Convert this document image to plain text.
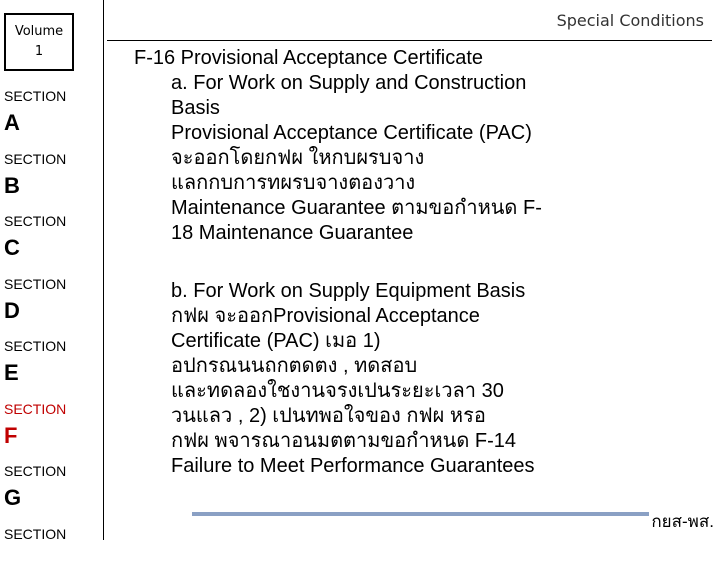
Volume
1
SECTION
A
SECTION
B
SECTION
C
SECTION
D
SECTION
E
SECTION
F
SECTION
G
SECTION
Special Conditions
F-16 Provisional Acceptance Certificate
a. For Work on Supply and Construction
Basis
Provisional Acceptance Certificate (PAC)
จะออกโดยกฟผ ใหกบผรบจาง
แลกกบการทผรบจางตองวาง
Maintenance Guarantee ตามขอกำหนด F-
18 Maintenance Guarantee
b. For Work on Supply Equipment Basis
กฟผ จะออกProvisional Acceptance
Certificate (PAC) เมอ 1)
อปกรณนนถกตดตง , ทดสอบ
และทดลองใชงานจรงเปนระยะเวลา 30
วนแลว , 2) เปนทพอใจของ กฟผ หรอ
กฟผ พจารณาอนมตตามขอกำหนด F-14
Failure to Meet Performance Guarantees
กยส-พส.
